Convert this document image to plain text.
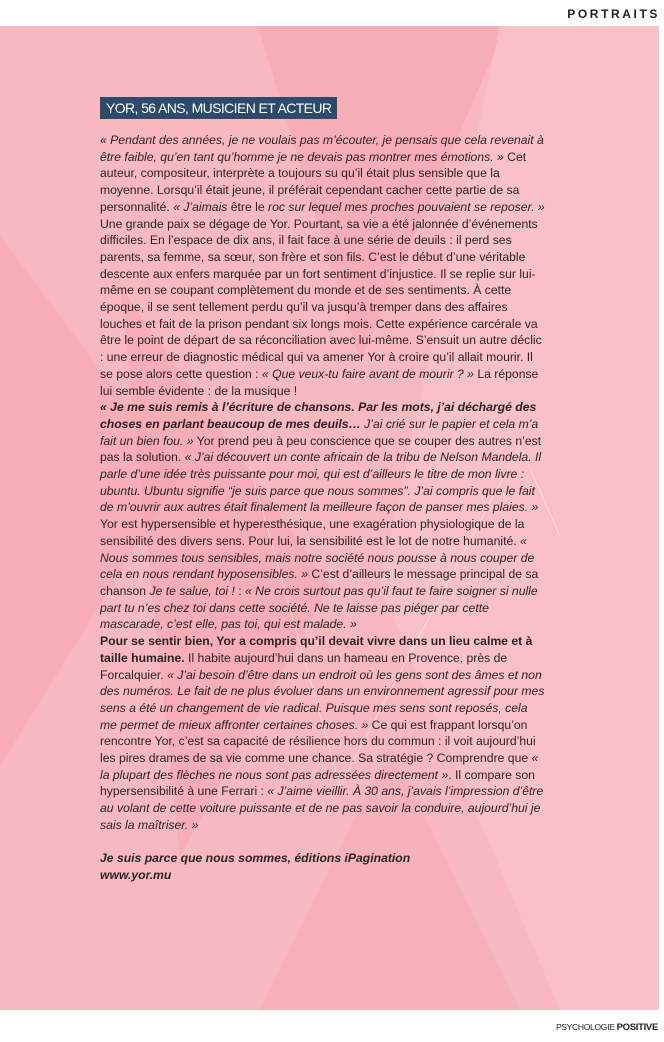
PORTRAITS
YOR, 56 ANS, MUSICIEN ET ACTEUR

« Pendant des années, je ne voulais pas m’écouter, je pensais que cela revenait à être faible, qu’en tant qu’homme je ne devais pas montrer mes émotions. » Cet auteur, compositeur, interprète a toujours su qu’il était plus sensible que la moyenne. Lorsqu’il était jeune, il préférait cependant cacher cette partie de sa personnalité. « J’aimais être le roc sur lequel mes proches pouvaient se reposer. » Une grande paix se dégage de Yor. Pourtant, sa vie a été jalonnée d’événements difficiles. En l’espace de dix ans, il fait face à une série de deuils : il perd ses parents, sa femme, sa sœur, son frère et son fils. C’est le début d’une véritable descente aux enfers marquée par un fort sentiment d’injustice. Il se replie sur lui-même en se coupant complètement du monde et de ses sentiments. À cette époque, il se sent tellement perdu qu’il va jusqu’à tremper dans des affaires louches et fait de la prison pendant six longs mois. Cette expérience carcérale va être le point de départ de sa réconciliation avec lui-même. S’ensuit un autre déclic : une erreur de diagnostic médical qui va amener Yor à croire qu’il allait mourir. Il se pose alors cette question : « Que veux-tu faire avant de mourir ? » La réponse lui semble évidente : de la musique !

« Je me suis remis à l’écriture de chansons. Par les mots, j’ai déchargé des choses en parlant beaucoup de mes deuils… J’ai crié sur le papier et cela m’a fait un bien fou. » Yor prend peu à peu conscience que se couper des autres n’est pas la solution. « J’ai découvert un conte africain de la tribu de Nelson Mandela. Il parle d’une idée très puissante pour moi, qui est d’ailleurs le titre de mon livre : ubuntu. Ubuntu signifie “je suis parce que nous sommes”. J’ai compris que le fait de m’ouvrir aux autres était finalement la meilleure façon de panser mes plaies. »

Yor est hypersensible et hyperesthésique, une exagération physiologique de la sensibilité des divers sens. Pour lui, la sensibilité est le lot de notre humanité. « Nous sommes tous sensibles, mais notre société nous pousse à nous couper de cela en nous rendant hyposensibles. » C’est d’ailleurs le message principal de sa chanson Je te salue, toi ! : « Ne crois surtout pas qu’il faut te faire soigner si nulle part tu n’es chez toi dans cette société. Ne te laisse pas piéger par cette mascarade, c’est elle, pas toi, qui est malade. »

Pour se sentir bien, Yor a compris qu’il devait vivre dans un lieu calme et à taille humaine. Il habite aujourd’hui dans un hameau en Provence, près de Forcalquier. « J’ai besoin d’être dans un endroit où les gens sont des âmes et non des numéros. Le fait de ne plus évoluer dans un environnement agressif pour mes sens a été un changement de vie radical. Puisque mes sens sont reposés, cela me permet de mieux affronter certaines choses. » Ce qui est frappant lorsqu’on rencontre Yor, c’est sa capacité de résilience hors du commun : il voit aujourd’hui les pires drames de sa vie comme une chance. Sa stratégie ? Comprendre que « la plupart des flèches ne nous sont pas adressées directement ». Il compare son hypersensibilité à une Ferrari : « J’aime vieillir. À 30 ans, j’avais l’impression d’être au volant de cette voiture puissante et de ne pas savoir la conduire, aujourd’hui je sais la maîtriser. »

Je suis parce que nous sommes, éditions iPagination

www.yor.mu

PSYCHOLOGIE POSITIVE
